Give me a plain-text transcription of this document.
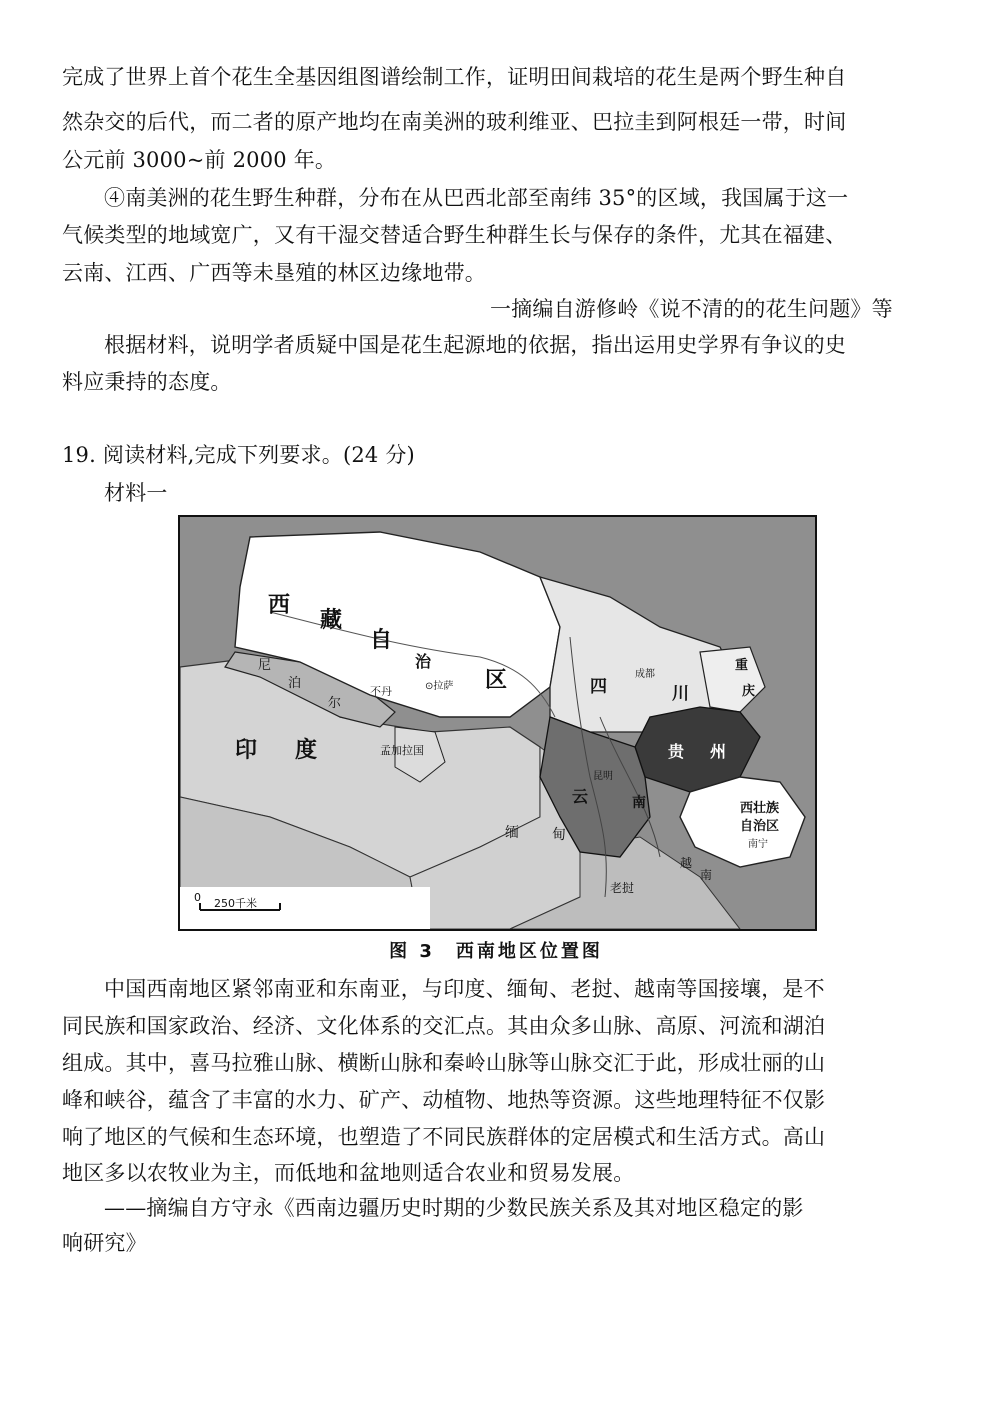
完成了世界上首个花生全基因组图谱绘制工作，证明田间栽培的花生是两个野生种自
然杂交的后代，而二者的原产地均在南美洲的玻利维亚、巴拉圭到阿根廷一带，时间
公元前 3000~前 2000 年。
④南美洲的花生野生种群，分布在从巴西北部至南纬 35°的区域，我国属于这一
气候类型的地域宽广，又有干湿交替适合野生种群生长与保存的条件，尤其在福建、
云南、江西、广西等未垦殖的林区边缘地带。
一摘编自游修岭《说不清的的花生问题》等
根据材料，说明学者质疑中国是花生起源地的依据，指出运用史学界有争议的史
料应秉持的态度。
19. 阅读材料,完成下列要求。(24 分)
材料一
0 250千米
西
藏
自
治
区
⊙拉萨
尼
泊
尔
不丹
孟加拉国
印 度
四	川
成都
重
庆
贵 州
云	南
昆明
西壮族
自治区
南宁
缅 甸
越
南
老挝
图 3　西南地区位置图
中国西南地区紧邻南亚和东南亚，与印度、缅甸、老挝、越南等国接壤，是不
同民族和国家政治、经济、文化体系的交汇点。其由众多山脉、高原、河流和湖泊
组成。其中，喜马拉雅山脉、横断山脉和秦岭山脉等山脉交汇于此，形成壮丽的山
峰和峡谷，蕴含了丰富的水力、矿产、动植物、地热等资源。这些地理特征不仅影
响了地区的气候和生态环境，也塑造了不同民族群体的定居模式和生活方式。高山
地区多以农牧业为主，而低地和盆地则适合农业和贸易发展。
——摘编自方守永《西南边疆历史时期的少数民族关系及其对地区稳定的影
响研究》
